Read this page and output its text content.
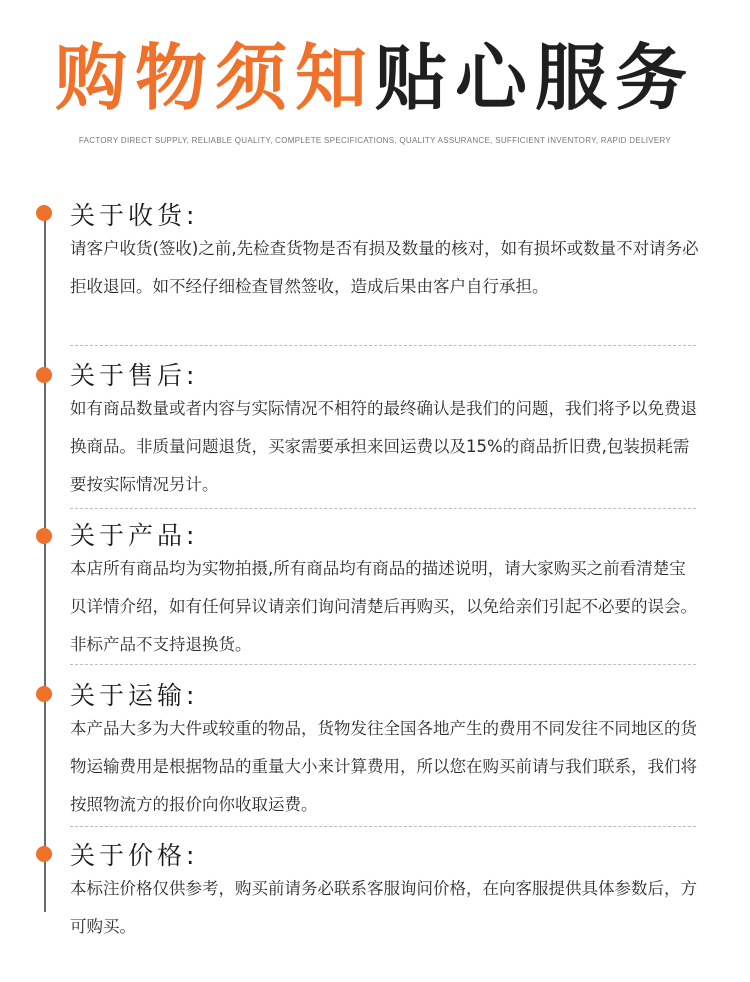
购物须知贴心服务
FACTORY DIRECT SUPPLY, RELIABLE QUALITY, COMPLETE SPECIFICATIONS, QUALITY ASSURANCE, SUFFICIENT INVENTORY, RAPID DELIVERY
关于收货:
请客户收货(签收)之前,先检查货物是否有损及数量的核对，如有损坏或数量不对请务必拒收退回。如不经仔细检查冒然签收，造成后果由客户自行承担。
关于售后:
如有商品数量或者内容与实际情况不相符的最终确认是我们的问题，我们将予以免费退换商品。非质量问题退货，买家需要承担来回运费以及15%的商品折旧费,包装损耗需要按实际情况另计。
关于产品:
本店所有商品均为实物拍摄,所有商品均有商品的描述说明，请大家购买之前看清楚宝贝详情介绍，如有任何异议请亲们询问清楚后再购买，以免给亲们引起不必要的误会。非标产品不支持退换货。
关于运输:
本产品大多为大件或较重的物品，货物发往全国各地产生的费用不同发往不同地区的货物运输费用是根据物品的重量大小来计算费用，所以您在购买前请与我们联系，我们将按照物流方的报价向你收取运费。
关于价格:
本标注价格仅供参考，购买前请务必联系客服询问价格，在向客服提供具体参数后，方可购买。
